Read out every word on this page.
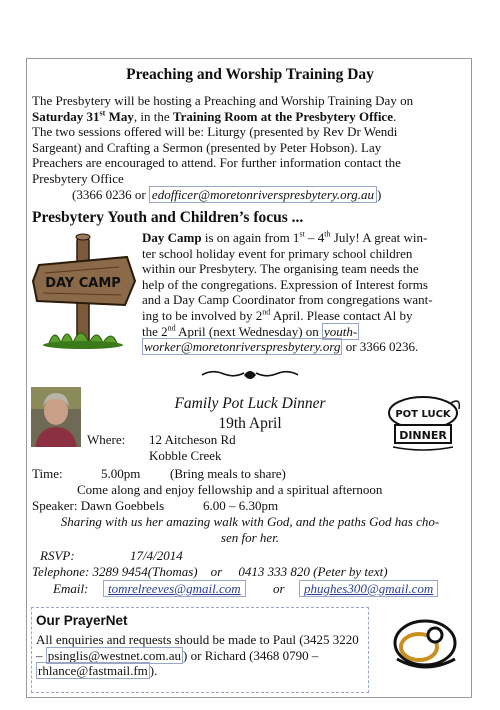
Preaching and Worship Training Day
The Presbytery will be hosting a Preaching and Worship Training Day on
Saturday 31st May, in the Training Room at the Presbytery Office.
The two sessions offered will be: Liturgy (presented by Rev Dr Wendi
Sargeant) and Crafting a Sermon (presented by Peter Hobson). Lay
Preachers are encouraged to attend. For further information contact the
Presbytery Office
(3366 0236 or edofficer@moretonriverspresbytery.org.au )
Presbytery Youth and Children’s focus ...
DAY CAMP
Day Camp is on again from 1st – 4th July! A great win-
ter school holiday event for primary school children
within our Presbytery. The organising team needs the
help of the congregations. Expression of Interest forms
and a Day Camp Coordinator from congregations want-
ing to be involved by 2nd April. Please contact Al by
the 2nd April (next Wednesday) on youth-
worker@moretonriverspresbytery.org or 3366 0236.
Family Pot Luck Dinner
19th April
POT LUCK
DINNER
Where: 12 Aitcheson Rd
Kobble Creek
Time:	5.00pm (Bring meals to share)
Come along and enjoy fellowship and a spiritual afternoon
Speaker: Dawn Goebbels	6.00 – 6.30pm
Sharing with us her amazing walk with God, and the paths God has cho-
sen for her.
RSVP:	17/4/2014
Telephone: 3289 9454(Thomas)    or     0413 333 820 (Peter by text)
Email:	tomrelreeves@gmail.com	or	phughes300@gmail.com
Our PrayerNet
All enquiries and requests should be made to Paul (3425 3220
– psinglis@westnet.com.au ) or Richard (3468 0790 –
rhlance@fastmail.fm ).
